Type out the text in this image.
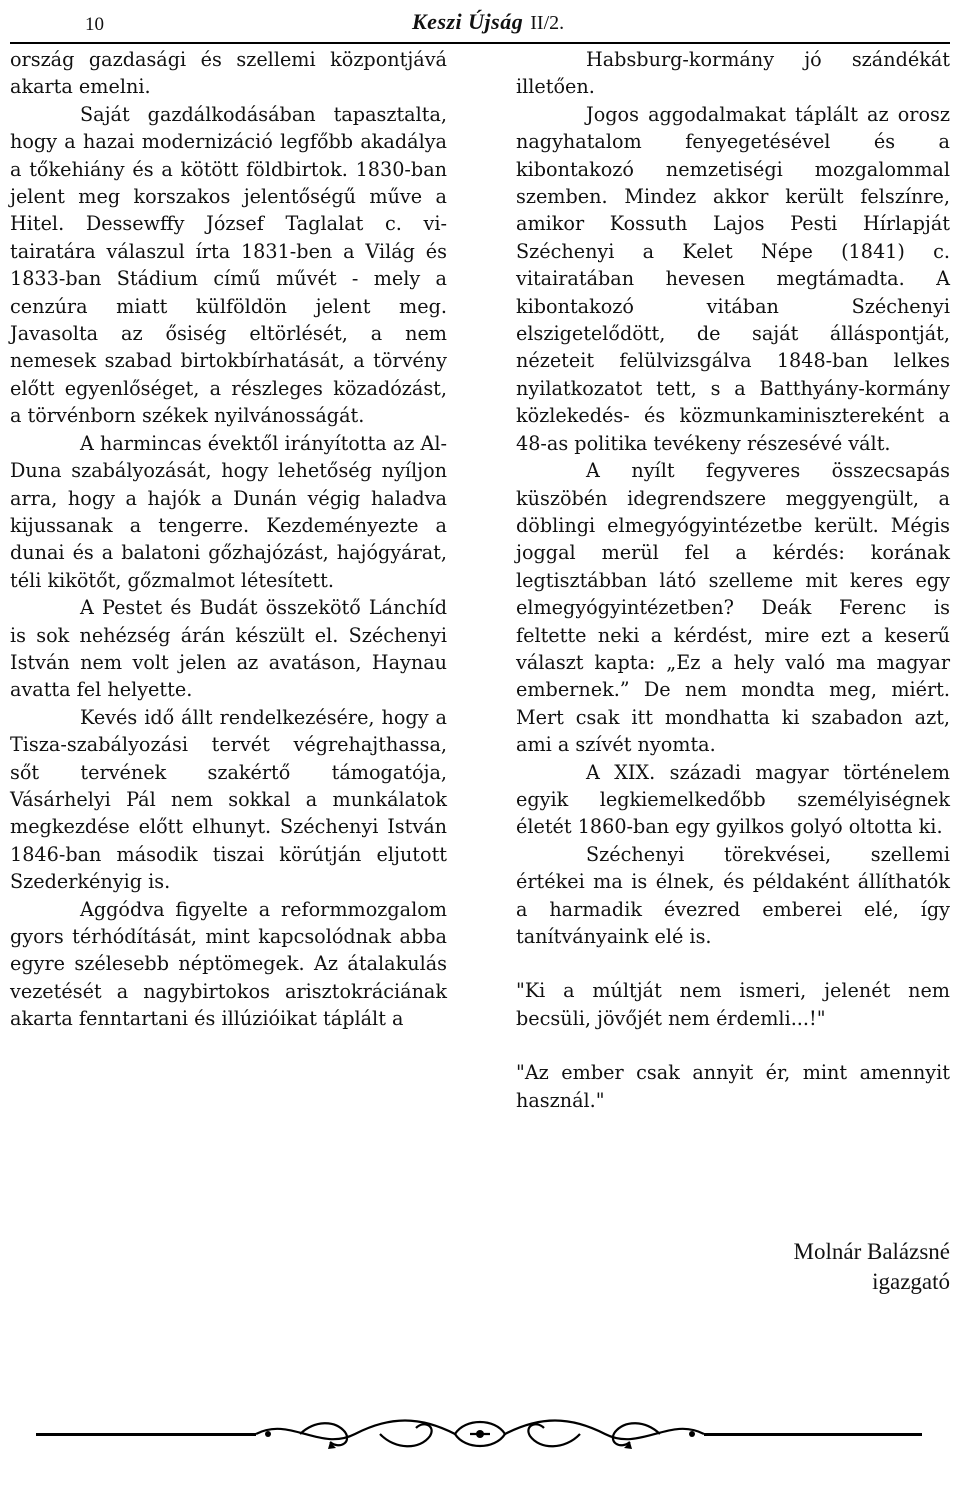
10	Keszi Újság II/2.

ország gazdasági és szellemi központjává akarta emelni.

Saját gazdálkodásában tapasztalta, hogy a hazai modernizáció legfőbb akadálya a tőkehiány és a kötött földbirtok. 1830-ban jelent meg korszakos jelentőségű műve a Hitel. Dessewffy József Taglalat c. vitairatára válaszul írta 1831-ben a Világ és 1833-ban Stádium című művét - mely a cenzúra miatt külföldön jelent meg. Javasolta az ősiség eltörlését, a nem nemesek szabad birtokbírhatását, a törvény előtt egyenlőséget, a részleges közadózást, a törvénborn székek nyilvánosságát.

A harmincas évektől irányította az Al-Duna szabályozását, hogy lehetőség nyíljon arra, hogy a hajók a Dunán végig haladva kijussanak a tengerre. Kezdeményezte a dunai és a balatoni gőzhajózást, hajógyárat, téli kikötőt, gőzmalmot létesített.

A Pestet és Budát összekötő Lánchíd is sok nehézség árán készült el. Széchenyi István nem volt jelen az avatáson, Haynau avatta fel helyette.

Kevés idő állt rendelkezésére, hogy a Tisza-szabályozási tervét végrehajthassa, sőt tervének szakértő támogatója, Vásárhelyi Pál nem sokkal a munkálatok megkezdése előtt elhunyt. Széchenyi István 1846-ban második tiszai körútján eljutott Szederkényig is.

Aggódva figyelte a reformmozgalom gyors térhódítását, mint kapcsolódnak abba egyre szélesebb néptömegek. Az átalakulás vezetését a nagybirtokos arisztokráciának akarta fenntartani és illúzióikat táplált a

Habsburg-kormány jó szándékát illetően.

Jogos aggodalmakat táplált az orosz nagyhatalom fenyegetésével és a kibontakozó nemzetiségi mozgalommal szemben. Mindez akkor került felszínre, amikor Kossuth Lajos Pesti Hírlapját Széchenyi a Kelet Népe (1841) c. vitairatában hevesen megtámadta. A kibontakozó vitában Széchenyi elszigetelődött, de saját álláspontját, nézeteit felülvizsgálva 1848-ban lelkes nyilatkozatot tett, s a Batthyány-kormány közlekedés- és közmunkaminisztereként a 48-as politika tevékeny részesévé vált.

A nyílt fegyveres összecsapás küszöbén idegrendszere meggyengült, a döblingi elmegyógyintézetbe került. Mégis joggal merül fel a kérdés: korának legtisztábban látó szelleme mit keres egy elmegyógyintézetben? Deák Ferenc is feltette neki a kérdést, mire ezt a keserű választ kapta: „Ez a hely való ma magyar embernek.” De nem mondta meg, miért. Mert csak itt mondhatta ki szabadon azt, ami a szívét nyomta.

A XIX. századi magyar történelem egyik legkiemelkedőbb személyiségnek életét 1860-ban egy gyilkos golyó oltotta ki.

Széchenyi törekvései, szellemi értékei ma is élnek, és példaként állíthatók a harmadik évezred emberei elé, így tanítványaink elé is.

"Ki a múltját nem ismeri, jelenét nem becsüli, jövőjét nem érdemli...!"

"Az ember csak annyit ér, mint amennyit használ."

Molnár Balázsné
igazgató
